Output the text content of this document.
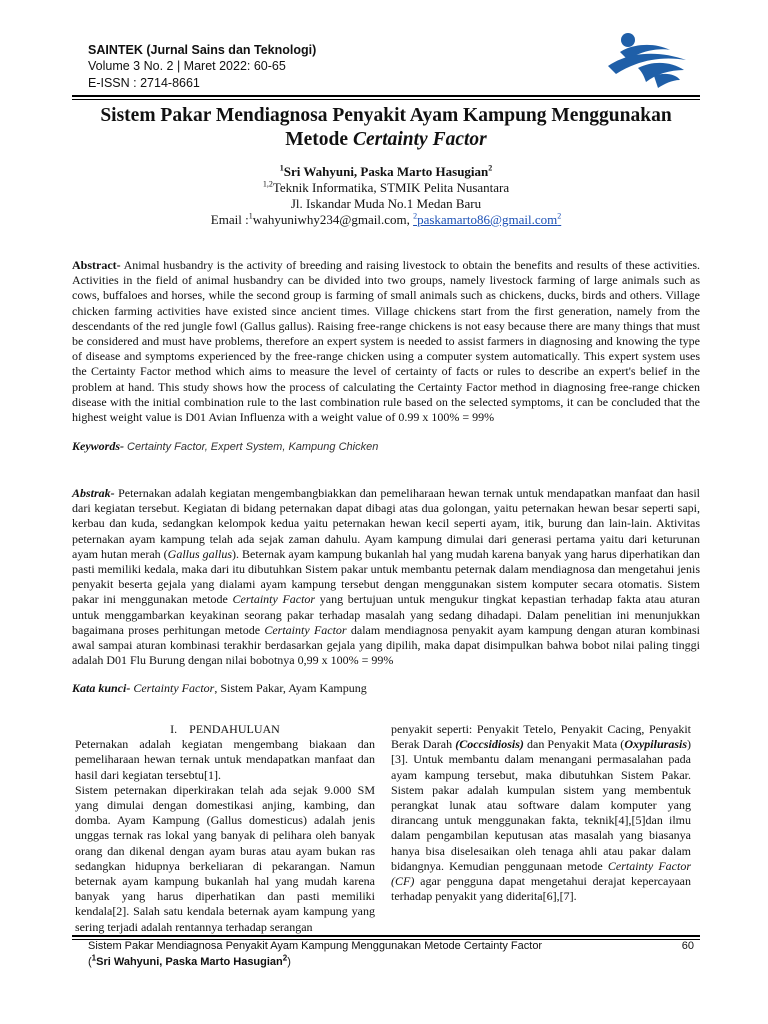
SAINTEK (Jurnal Sains dan Teknologi)
Volume 3 No. 2 | Maret 2022: 60-65
E-ISSN : 2714-8661
Sistem Pakar Mendiagnosa Penyakit Ayam Kampung Menggunakan
Metode Certainty Factor
$^1$Sri Wahyuni, Paska Marto Hasugian$^2$
$^{1,2}$Teknik Informatika, STMIK Pelita Nusantara
Jl. Iskandar Muda No.1 Medan Baru
Email :$^1$wahyuniwhy234@gmail.com, $^2$paskamarto86@gmail.com$^2$
Abstract- Animal husbandry is the activity of breeding and raising livestock to obtain the benefits and results of these activities. Activities in the field of animal husbandry can be divided into two groups, namely livestock farming of large animals such as cows, buffaloes and horses, while the second group is farming of small animals such as chickens, ducks, birds and others. Village chicken farming activities have existed since ancient times. Village chickens start from the first generation, namely from the descendants of the red jungle fowl (Gallus gallus). Raising free-range chickens is not easy because there are many things that must be considered and must have problems, therefore an expert system is needed to assist farmers in diagnosing and knowing the type of disease and symptoms experienced by the free-range chicken using a computer system automatically. This expert system uses the Certainty Factor method which aims to measure the level of certainty of facts or rules to describe an expert's belief in the problem at hand. This study shows how the process of calculating the Certainty Factor method in diagnosing free-range chicken disease with the initial combination rule to the last combination rule based on the selected symptoms, it can be concluded that the highest weight value is D01 Avian Influenza with a weight value of 0.99 x 100% = 99%
Keywords- Certainty Factor, Expert System, Kampung Chicken
Abstrak- Peternakan adalah kegiatan mengembangbiakkan dan pemeliharaan hewan ternak untuk mendapatkan manfaat dan hasil dari kegiatan tersebut. Kegiatan di bidang peternakan dapat dibagi atas dua golongan, yaitu peternakan hewan besar seperti sapi, kerbau dan kuda, sedangkan kelompok kedua yaitu peternakan hewan kecil seperti ayam, itik, burung dan lain-lain. Aktivitas peternakan ayam kampung telah ada sejak zaman dahulu. Ayam kampung dimulai dari generasi pertama yaitu dari keturunan ayam hutan merah (Gallus gallus). Beternak ayam kampung bukanlah hal yang mudah karena banyak yang harus diperhatikan dan pasti memiliki kedala, maka dari itu dibutuhkan Sistem pakar untuk membantu peternak dalam mendiagnosa dan mengetahui jenis penyakit beserta gejala yang dialami ayam kampung tersebut dengan menggunakan sistem komputer secara otomatis. Sistem pakar ini menggunakan metode Certainty Factor yang bertujuan untuk mengukur tingkat kepastian terhadap fakta atau aturan untuk menggambarkan keyakinan seorang pakar terhadap masalah yang sedang dihadapi. Dalam penelitian ini menunjukkan bagaimana proses perhitungan metode Certainty Factor dalam mendiagnosa penyakit ayam kampung dengan aturan kombinasi awal sampai aturan kombinasi terakhir berdasarkan gejala yang dipilih, maka dapat disimpulkan bahwa bobot nilai paling tinggi adalah D01 Flu Burung dengan nilai bobotnya 0,99 x 100% = 99%
Kata kunci- Certainty Factor, Sistem Pakar, Ayam Kampung
I.    PENDAHULUAN

Peternakan adalah kegiatan mengembang biakaan dan pemeliharaan hewan ternak untuk mendapatkan manfaat dan hasil dari kegiatan tersebtu[1].

Sistem peternakan diperkirakan telah ada sejak 9.000 SM yang dimulai dengan domestikasi anjing, kambing, dan domba. Ayam Kampung (Gallus domesticus) adalah jenis unggas ternak ras lokal yang banyak di pelihara oleh banyak orang dan dikenal dengan ayam buras atau ayam bukan ras sedangkan hidupnya berkeliaran di pekarangan. Namun beternak ayam kampung bukanlah hal yang mudah karena banyak yang harus diperhatikan dan pasti memiliki kendala[2]. Salah satu kendala beternak ayam kampung yang sering terjadi adalah rentannya terhadap serangan

penyakit seperti: Penyakit Tetelo, Penyakit Cacing, Penyakit Berak Darah (Coccsidiosis) dan Penyakit Mata (Oxypilurasis)[3]. Untuk membantu dalam menangani permasalahan pada ayam kampung tersebut, maka dibutuhkan Sistem Pakar. Sistem pakar adalah kumpulan sistem yang membentuk perangkat lunak atau software dalam komputer yang dirancang untuk menggunakan fakta, teknik[4],[5]dan ilmu dalam pengambilan keputusan atas masalah yang biasanya hanya bisa diselesaikan oleh tenaga ahli atau pakar dalam bidangnya. Kemudian penggunaan metode Certainty Factor (CF) agar pengguna dapat mengetahui derajat kepercayaan terhadap penyakit yang diderita[6],[7].

Sistem Pakar Mendiagnosa Penyakit Ayam Kampung Menggunakan Metode Certainty Factor	60
($^1$Sri Wahyuni, Paska Marto Hasugian$^2$)
